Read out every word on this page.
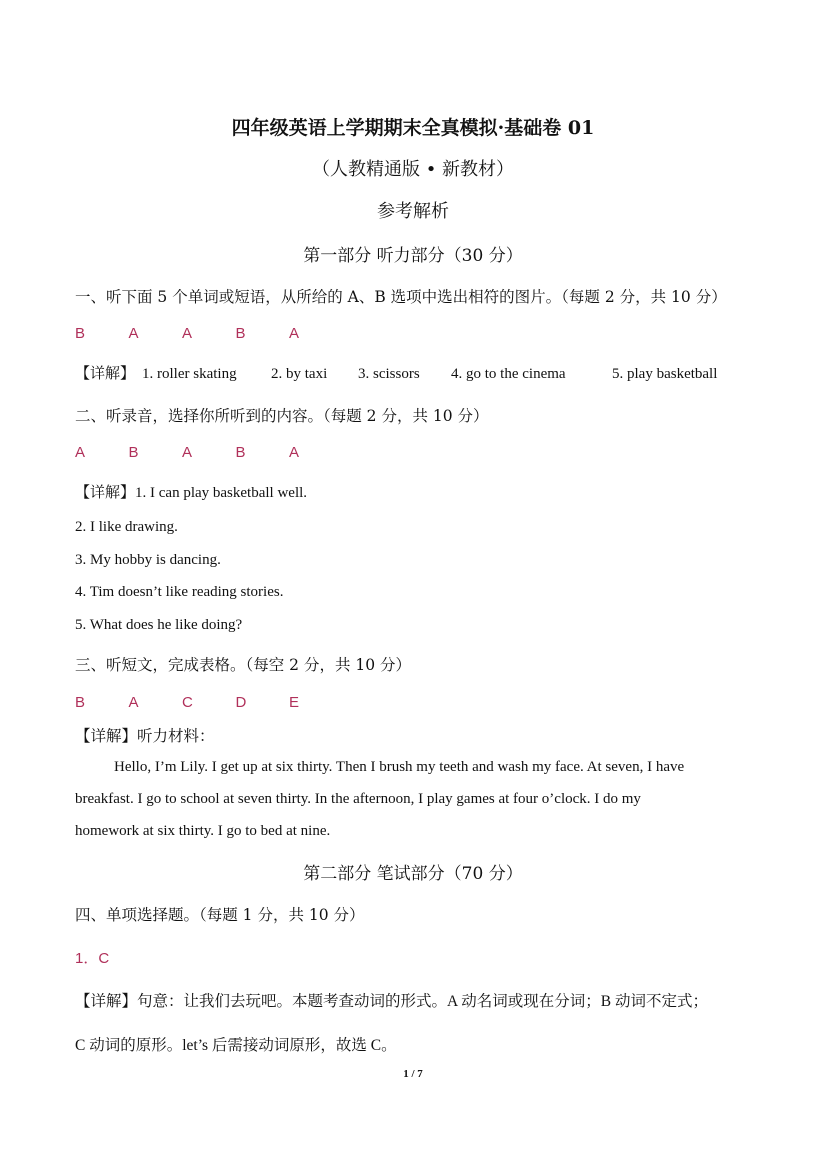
四年级英语上学期期末全真模拟·基础卷 01
（人教精通版 • 新教材）
参考解析
第一部分 听力部分（30 分）
一、听下面 5 个单词或短语，从所给的 A、B 选项中选出相符的图片。（每题 2 分，共 10 分）
B	A	A	B	A
【详解】 1. roller skating 2. by taxi 3. scissors 4. go to the cinema	5. play basketball
二、听录音，选择你所听到的内容。（每题 2 分，共 10 分）
A	B	A	B	A
【详解】1. I can play basketball well.
2. I like drawing.
3. My hobby is dancing.
4. Tim doesn’t like reading stories.
5. What does he like doing?
三、听短文，完成表格。（每空 2 分，共 10 分）
B	A	C	D	E
【详解】听力材料：
Hello, I’m Lily. I get up at six thirty. Then I brush my teeth and wash my face. At seven, I have
breakfast. I go to school at seven thirty. In the afternoon, I play games at four o’clock. I do my
homework at six thirty. I go to bed at nine.
第二部分 笔试部分（70 分）
四、单项选择题。（每题 1 分，共 10 分）
1．C
【详解】句意：让我们去玩吧。本题考查动词的形式。A 动名词或现在分词；B 动词不定式；
C 动词的原形。let’s 后需接动词原形，故选 C。
1 / 7
